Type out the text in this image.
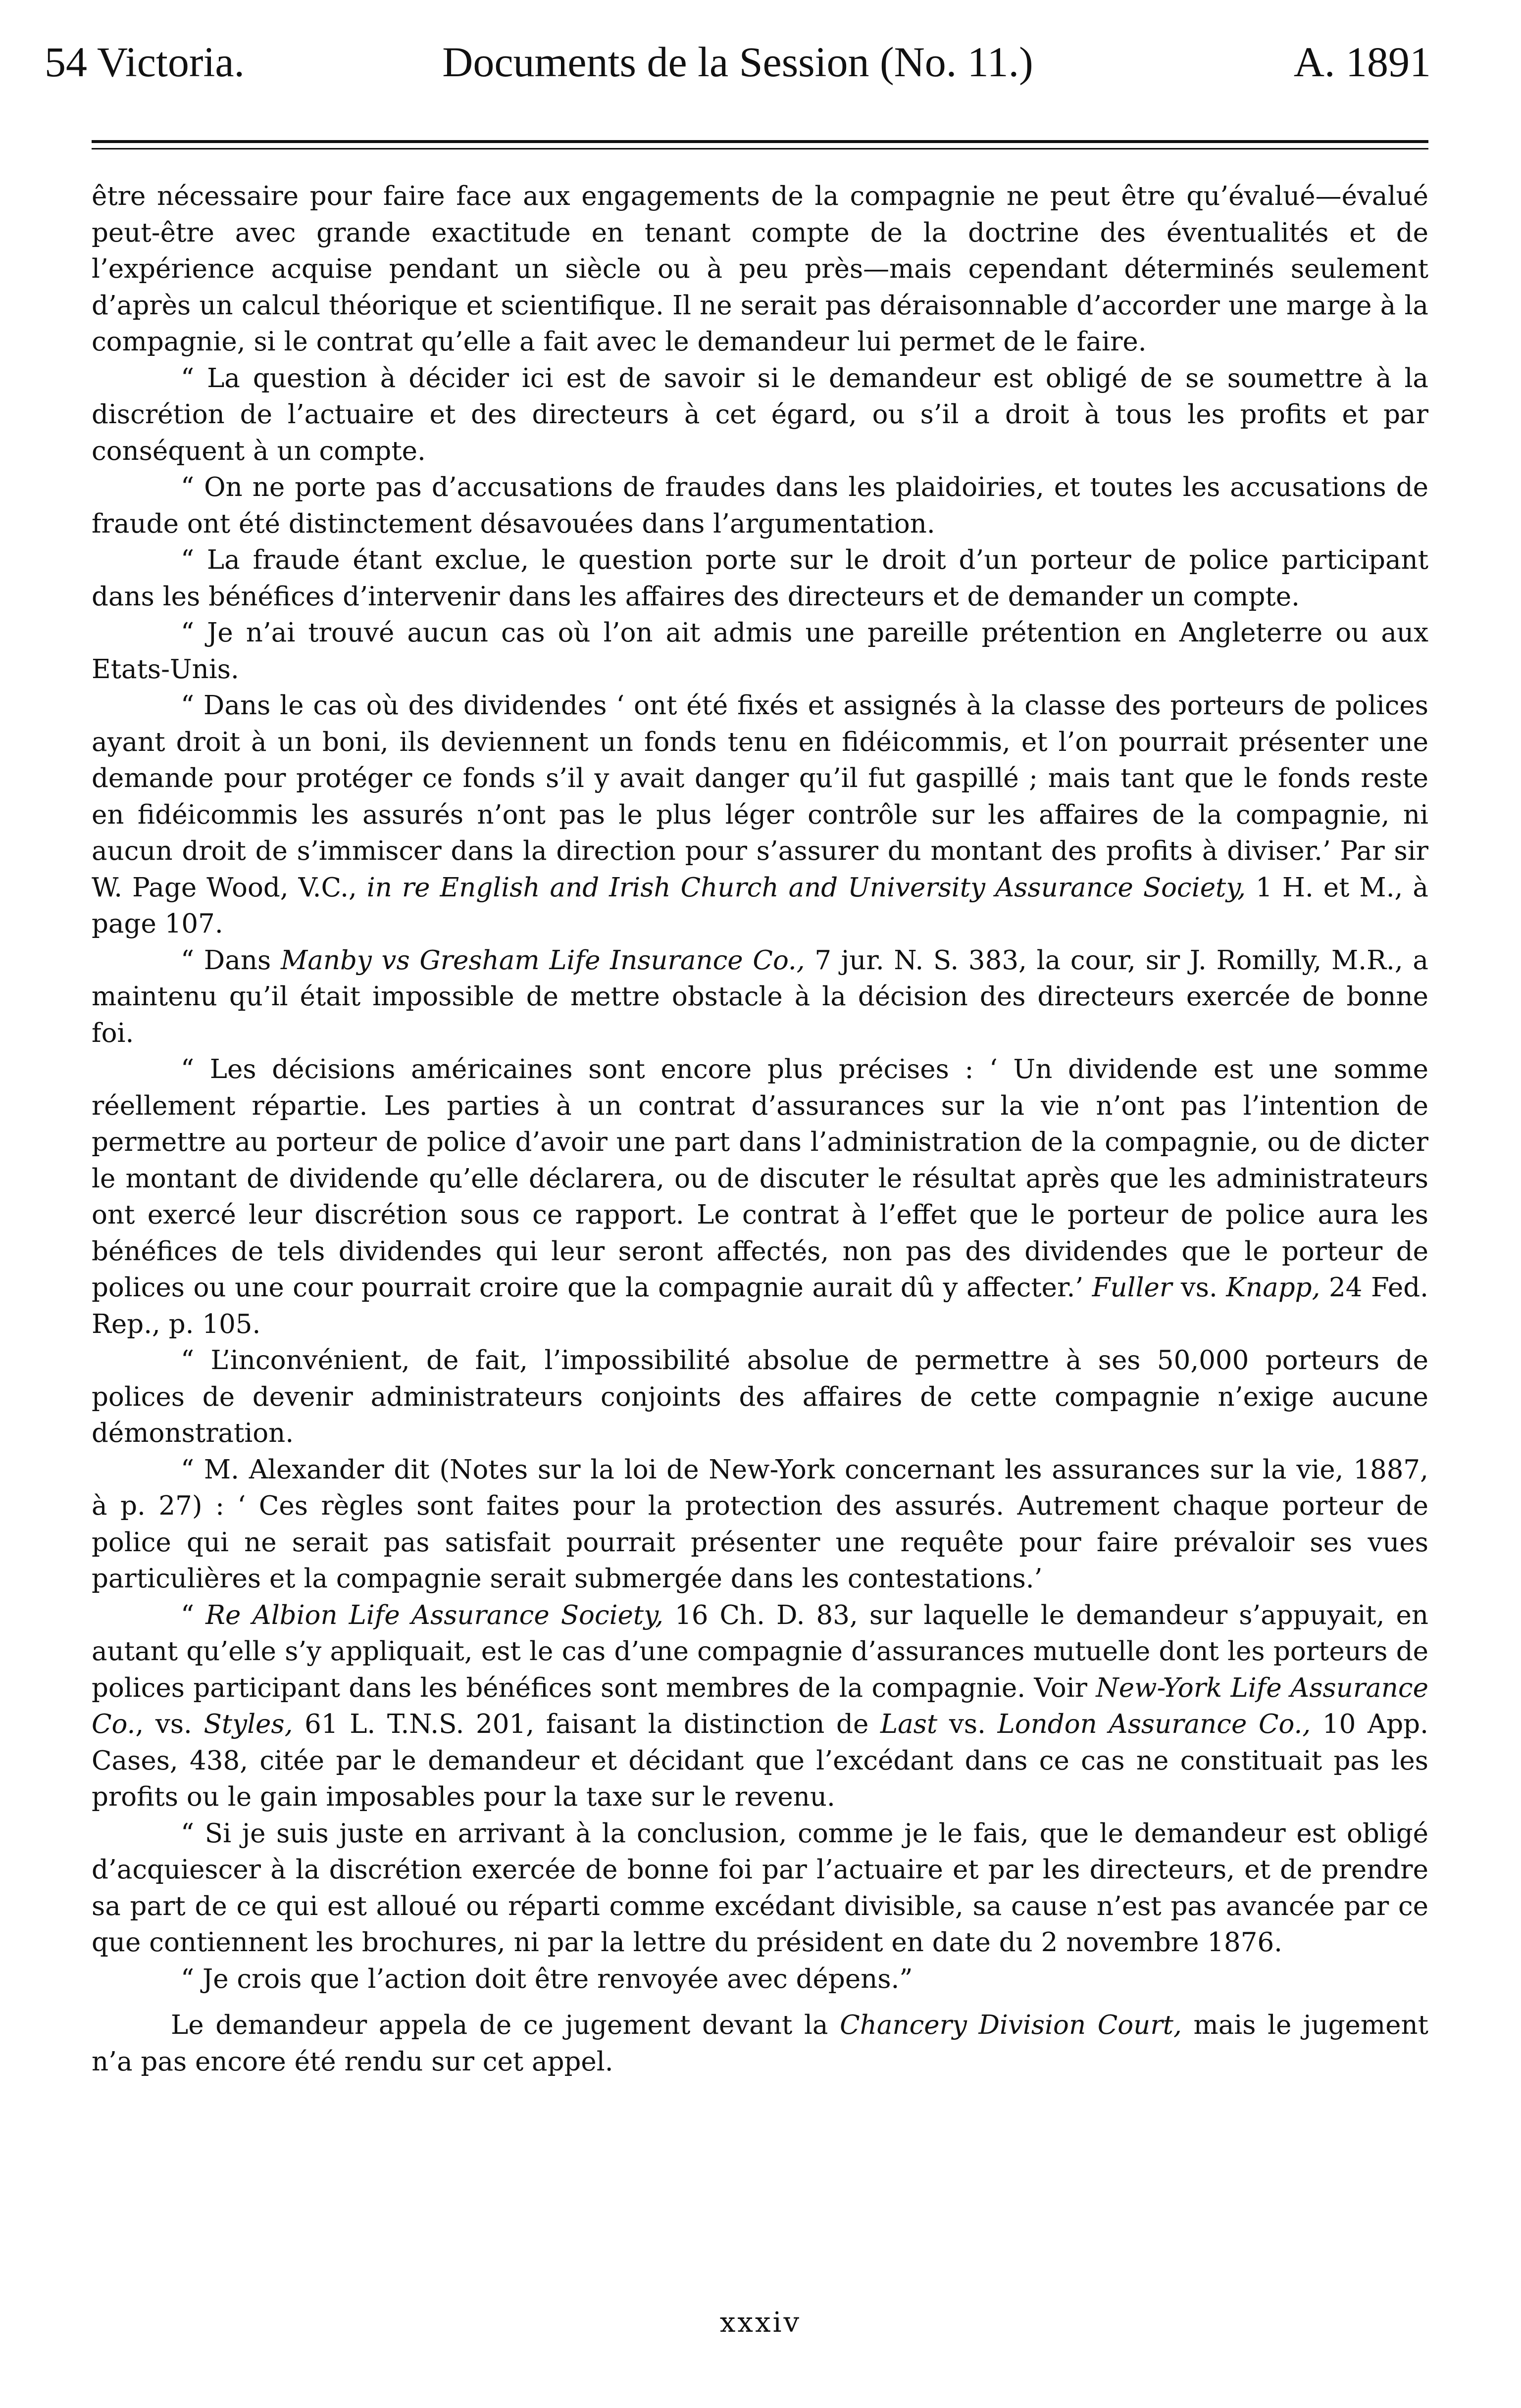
54 Victoria.	Documents de la Session (No. 11.)	A. 1891

être nécessaire pour faire face aux engagements de la compagnie ne peut être qu’évalué—évalué peut-être avec grande exactitude en tenant compte de la doctrine des éventualités et de l’expérience acquise pendant un siècle ou à peu près—mais cependant déterminés seulement d’après un calcul théorique et scientifique. Il ne serait pas déraisonnable d’accorder une marge à la compagnie, si le contrat qu’elle a fait avec le demandeur lui permet de le faire.

“ La question à décider ici est de savoir si le demandeur est obligé de se soumettre à la discrétion de l’actuaire et des directeurs à cet égard, ou s’il a droit à tous les profits et par conséquent à un compte.

“ On ne porte pas d’accusations de fraudes dans les plaidoiries, et toutes les accusations de fraude ont été distinctement désavouées dans l’argumentation.

“ La fraude étant exclue, le question porte sur le droit d’un porteur de police participant dans les bénéfices d’intervenir dans les affaires des directeurs et de demander un compte.

“ Je n’ai trouvé aucun cas où l’on ait admis une pareille prétention en Angleterre ou aux Etats-Unis.

“ Dans le cas où des dividendes ‘ ont été fixés et assignés à la classe des porteurs de polices ayant droit à un boni, ils deviennent un fonds tenu en fidéicommis, et l’on pourrait présenter une demande pour protéger ce fonds s’il y avait danger qu’il fut gaspillé ; mais tant que le fonds reste en fidéicommis les assurés n’ont pas le plus léger contrôle sur les affaires de la compagnie, ni aucun droit de s’immiscer dans la direction pour s’assurer du montant des profits à diviser.’ Par sir W. Page Wood, V.C., in re English and Irish Church and University Assurance Society, 1 H. et M., à page 107.

“ Dans Manby vs Gresham Life Insurance Co., 7 jur. N. S. 383, la cour, sir J. Romilly, M.R., a maintenu qu’il était impossible de mettre obstacle à la décision des directeurs exercée de bonne foi.

“ Les décisions américaines sont encore plus précises : ‘ Un dividende est une somme réellement répartie. Les parties à un contrat d’assurances sur la vie n’ont pas l’intention de permettre au porteur de police d’avoir une part dans l’administration de la compagnie, ou de dicter le montant de dividende qu’elle déclarera, ou de discuter le résultat après que les administrateurs ont exercé leur discrétion sous ce rapport. Le contrat à l’effet que le porteur de police aura les bénéfices de tels dividendes qui leur seront affectés, non pas des dividendes que le porteur de polices ou une cour pourrait croire que la compagnie aurait dû y affecter.’ Fuller vs. Knapp, 24 Fed. Rep., p. 105.

“ L’inconvénient, de fait, l’impossibilité absolue de permettre à ses 50,000 porteurs de polices de devenir administrateurs conjoints des affaires de cette compagnie n’exige aucune démonstration.

“ M. Alexander dit (Notes sur la loi de New-York concernant les assurances sur la vie, 1887, à p. 27) : ‘ Ces règles sont faites pour la protection des assurés. Autrement chaque porteur de police qui ne serait pas satisfait pourrait présenter une requête pour faire prévaloir ses vues particulières et la compagnie serait submergée dans les contestations.’

“ Re Albion Life Assurance Society, 16 Ch. D. 83, sur laquelle le demandeur s’appuyait, en autant qu’elle s’y appliquait, est le cas d’une compagnie d’assurances mutuelle dont les porteurs de polices participant dans les bénéfices sont membres de la compagnie. Voir New-York Life Assurance Co., vs. Styles, 61 L. T.N.S. 201, faisant la distinction de Last vs. London Assurance Co., 10 App. Cases, 438, citée par le demandeur et décidant que l’excédant dans ce cas ne constituait pas les profits ou le gain imposables pour la taxe sur le revenu.

“ Si je suis juste en arrivant à la conclusion, comme je le fais, que le demandeur est obligé d’acquiescer à la discrétion exercée de bonne foi par l’actuaire et par les directeurs, et de prendre sa part de ce qui est alloué ou réparti comme excédant divisible, sa cause n’est pas avancée par ce que contiennent les brochures, ni par la lettre du président en date du 2 novembre 1876.

“ Je crois que l’action doit être renvoyée avec dépens.”

Le demandeur appela de ce jugement devant la Chancery Division Court, mais le jugement n’a pas encore été rendu sur cet appel.

xxxiv
